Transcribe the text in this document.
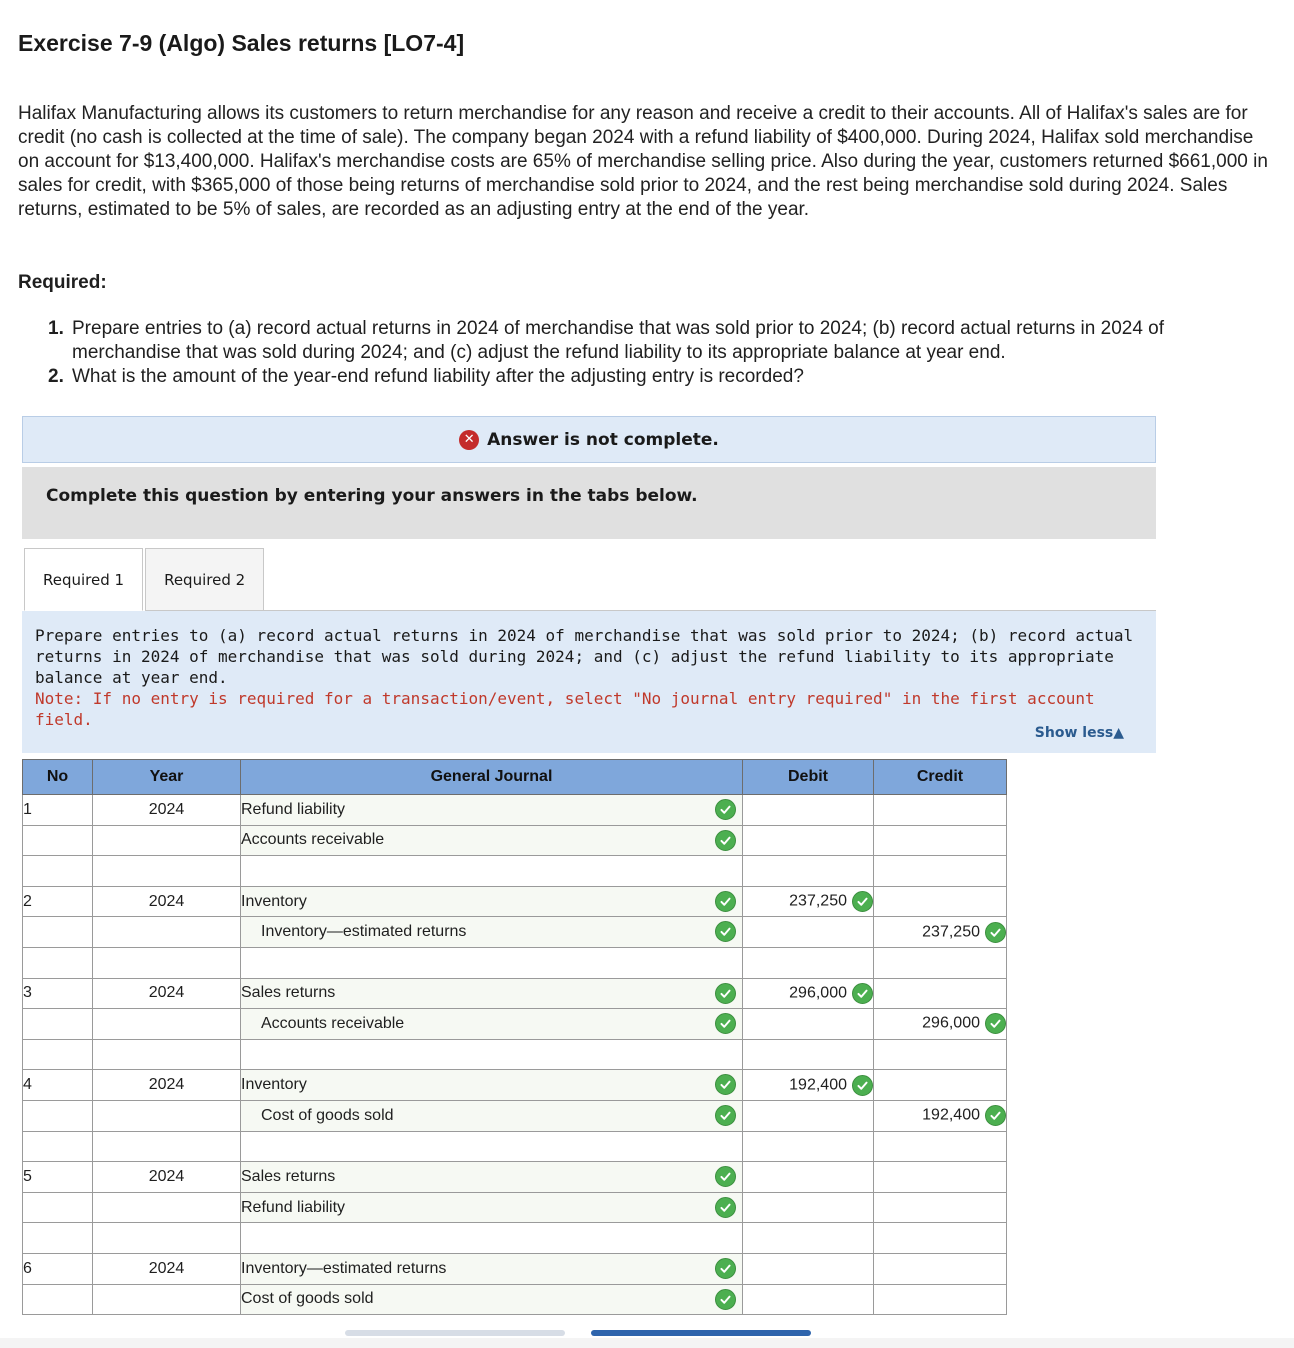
Exercise 7-9 (Algo) Sales returns [LO7-4]

Halifax Manufacturing allows its customers to return merchandise for any reason and receive a credit to their accounts. All of Halifax's sales are for credit (no cash is collected at the time of sale). The company began 2024 with a refund liability of $400,000. During 2024, Halifax sold merchandise on account for $13,400,000. Halifax's merchandise costs are 65% of merchandise selling price. Also during the year, customers returned $661,000 in sales for credit, with $365,000 of those being returns of merchandise sold prior to 2024, and the rest being merchandise sold during 2024. Sales returns, estimated to be 5% of sales, are recorded as an adjusting entry at the end of the year.

Required:

1. Prepare entries to (a) record actual returns in 2024 of merchandise that was sold prior to 2024; (b) record actual returns in 2024 of merchandise that was sold during 2024; and (c) adjust the refund liability to its appropriate balance at year end.
2. What is the amount of the year-end refund liability after the adjusting entry is recorded?
✕ Answer is not complete.
Complete this question by entering your answers in the tabs below.
Required 1	Required 2
Prepare entries to (a) record actual returns in 2024 of merchandise that was sold prior to 2024; (b) record actual returns in 2024 of merchandise that was sold during 2024; and (c) adjust the refund liability to its appropriate balance at year end.
Note: If no entry is required for a transaction/event, select "No journal entry required" in the first account field.
Show less▲
No	Year	General Journal	Debit	Credit
1	2024	Refund liability

		Accounts receivable

2	2024	Inventory	237,250

		Inventory—estimated returns		237,250

3	2024	Sales returns	296,000

		Accounts receivable		296,000

4	2024	Inventory	192,400

		Cost of goods sold		192,400

5	2024	Sales returns

		Refund liability

6	2024	Inventory—estimated returns

		Cost of goods sold
